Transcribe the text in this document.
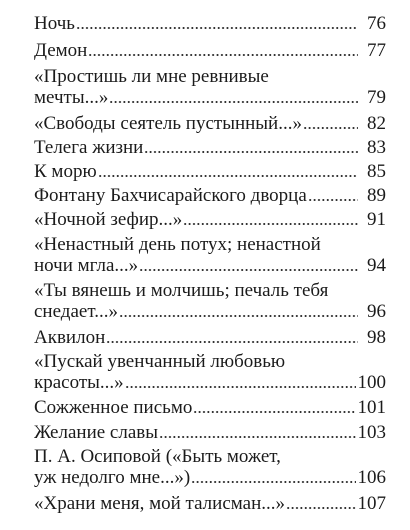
Ночь	76
Демон	77
«Простишь ли мне ревнивые
мечты...»	79
«Свободы сеятель пустынный...»	82
Телега жизни	83
К морю	85
Фонтану Бахчисарайского дворца	89
«Ночной зефир...»	91
«Ненастный день потух; ненастной
ночи мгла...»	94
«Ты вянешь и молчишь; печаль тебя
снедает...»	96
Аквилон	98
«Пускай увенчанный любовью
красоты...»	100
Сожженное письмо	101
Желание славы	103
П. А. Осиповой («Быть может,
уж недолго мне...»)	106
«Храни меня, мой талисман...»	107
